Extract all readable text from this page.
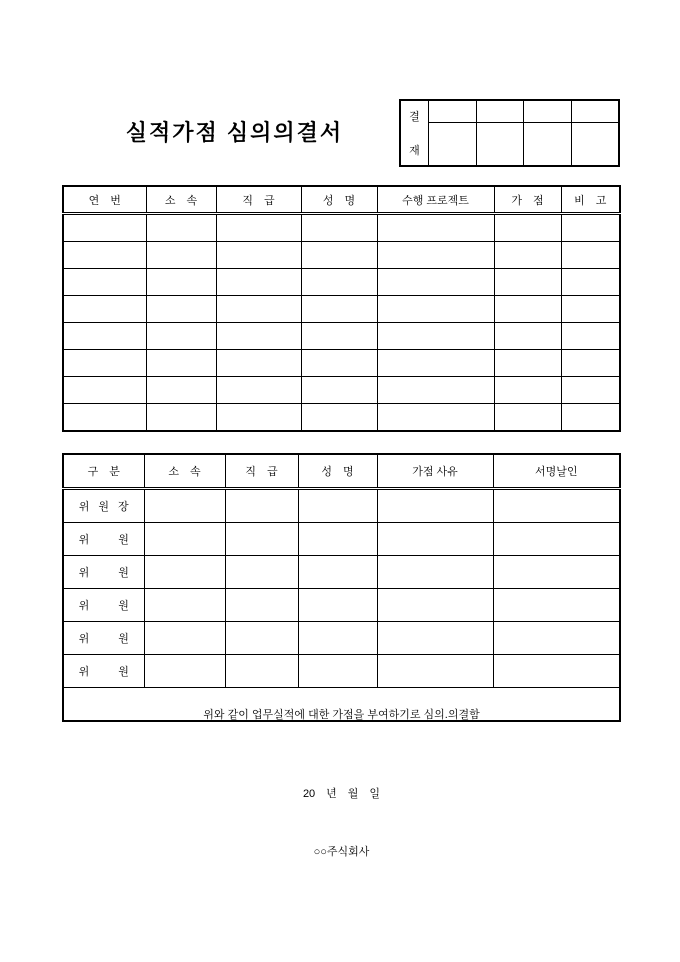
실적가점 심의의결서
결
재
연　번	소　속	직　급	성　명	수행 프로젝트	가　점	비　고

구　분	소　속	직　급	성　명	가점 사유	서명날인
위원장					
위　원					
위　원					
위　원					
위　원					
위　원					

위와 같이 업무실적에 대한 가점을 부여하기로 심의.의결함
20　년　월　일
○○주식회사					
